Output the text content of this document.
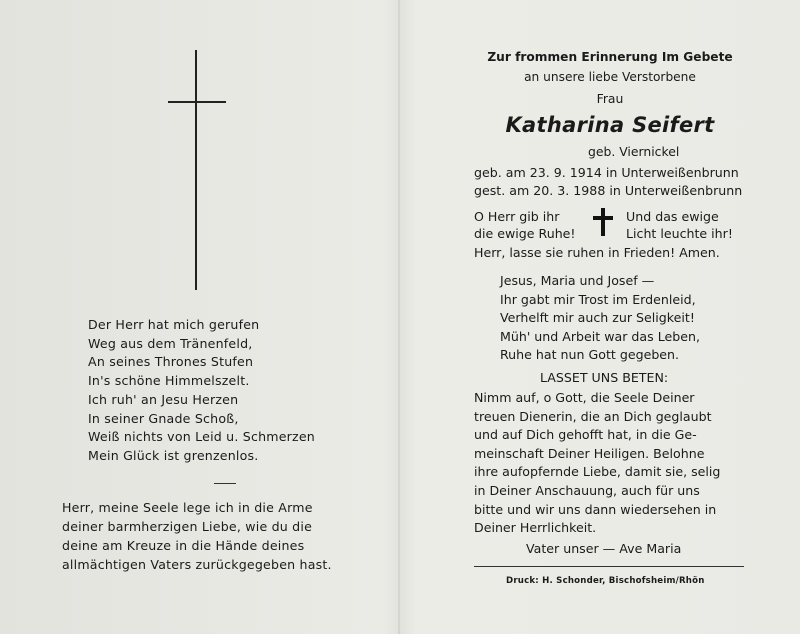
Der Herr hat mich gerufen
Weg aus dem Tränenfeld,
An seines Thrones Stufen
In's schöne Himmelszelt.
Ich ruh' an Jesu Herzen
In seiner Gnade Schoß,
Weiß nichts von Leid u. Schmerzen
Mein Glück ist grenzenlos.
Herr, meine Seele lege ich in die Arme
deiner barmherzigen Liebe, wie du die
deine am Kreuze in die Hände deines
allmächtigen Vaters zurückgegeben hast.
Zur frommen Erinnerung Im Gebete
an unsere liebe Verstorbene
Frau
Katharina Seifert
geb. Viernickel
geb. am 23. 9. 1914 in Unterweißenbrunn
gest. am 20. 3. 1988 in Unterweißenbrunn
O Herr gib ihr
die ewige Ruhe!
Und das ewige
Licht leuchte ihr!
Herr, lasse sie ruhen in Frieden! Amen.
Jesus, Maria und Josef —
Ihr gabt mir Trost im Erdenleid,
Verhelft mir auch zur Seligkeit!
Müh' und Arbeit war das Leben,
Ruhe hat nun Gott gegeben.
LASSET UNS BETEN:
Nimm auf, o Gott, die Seele Deiner
treuen Dienerin, die an Dich geglaubt
und auf Dich gehofft hat, in die Ge-
meinschaft Deiner Heiligen. Belohne
ihre aufopfernde Liebe, damit sie, selig
in Deiner Anschauung, auch für uns
bitte und wir uns dann wiedersehen in
Deiner Herrlichkeit.
Vater unser — Ave Maria
Druck: H. Schonder, Bischofsheim/Rhön
